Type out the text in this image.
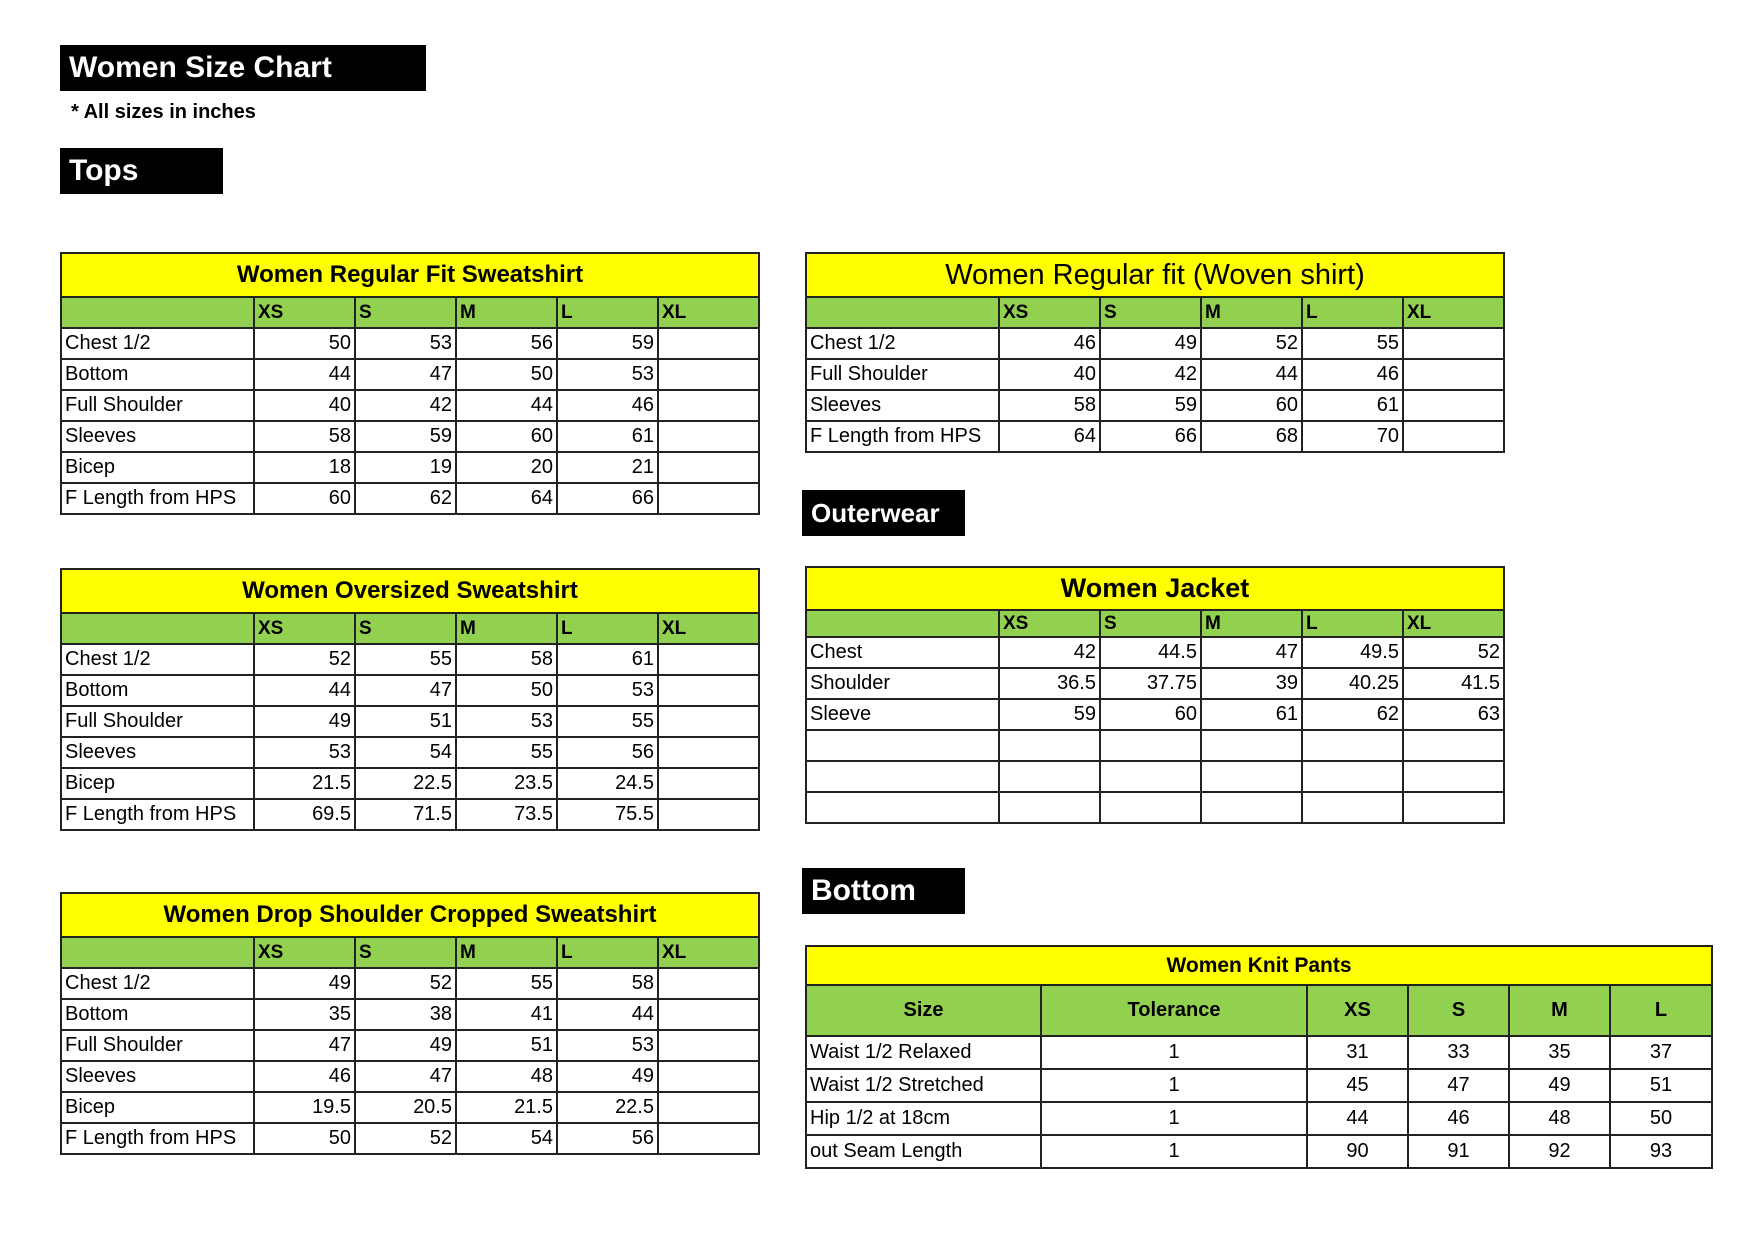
Women Size Chart
* All sizes in inches
Tops
Outerwear
Bottom
Women Regular Fit Sweatshirt					
	XS	S	M	L	XL
Chest 1/2	50	53	56	59	
Bottom	44	47	50	53	
Full Shoulder	40	42	44	46	
Sleeves	58	59	60	61	
Bicep	18	19	20	21	
F Length from HPS	60	62	64	66	
Women Oversized Sweatshirt					
	XS	S	M	L	XL
Chest 1/2	52	55	58	61	
Bottom	44	47	50	53	
Full Shoulder	49	51	53	55	
Sleeves	53	54	55	56	
Bicep	21.5	22.5	23.5	24.5	
F Length from HPS	69.5	71.5	73.5	75.5	
Women Drop Shoulder Cropped Sweatshirt					
	XS	S	M	L	XL
Chest 1/2	49	52	55	58	
Bottom	35	38	41	44	
Full Shoulder	47	49	51	53	
Sleeves	46	47	48	49	
Bicep	19.5	20.5	21.5	22.5	
F Length from HPS	50	52	54	56	
Women Regular fit (Woven shirt)					
	XS	S	M	L	XL
Chest 1/2	46	49	52	55	
Full Shoulder	40	42	44	46	
Sleeves	58	59	60	61	
F Length from HPS	64	66	68	70	
Women Jacket					
	XS	S	M	L	XL
Chest	42	44.5	47	49.5	52
Shoulder	36.5	37.75	39	40.25	41.5
Sleeve	59	60	61	62	63

Women Knit Pants					
Size	Tolerance	XS	S	M	L
Waist 1/2 Relaxed	1	31	33	35	37
Waist 1/2 Stretched	1	45	47	49	51
Hip 1/2 at 18cm	1	44	46	48	50
out Seam Length	1	90	91	92	93
